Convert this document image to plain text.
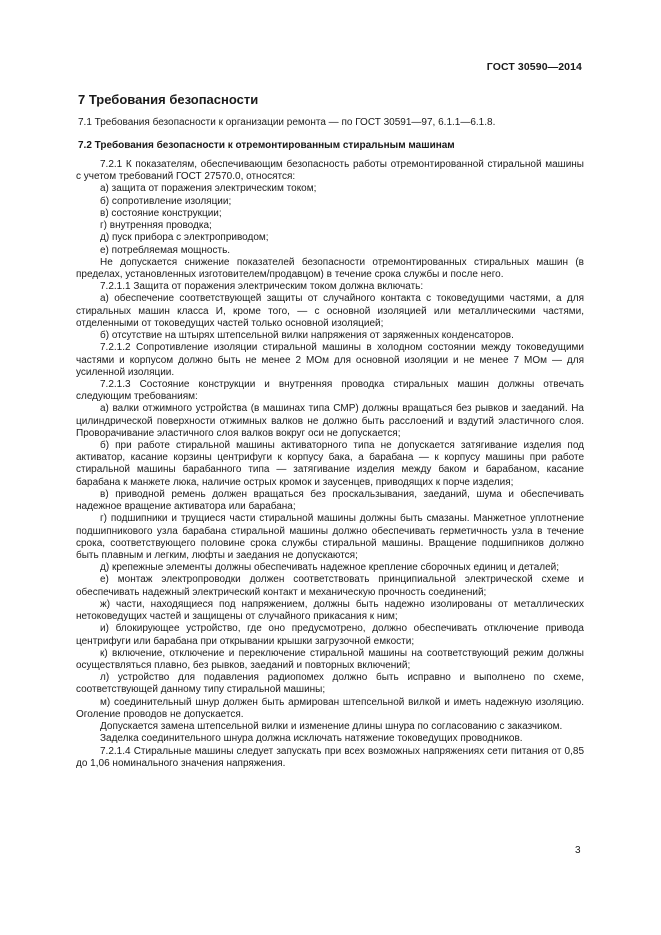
ГОСТ 30590—2014
7 Требования безопасности
7.1 Требования безопасности к организации ремонта — по ГОСТ 30591—97, 6.1.1—6.1.8.
7.2 Требования безопасности к отремонтированным стиральным машинам

7.2.1 К показателям, обеспечивающим безопасность работы отремонтированной стиральной машины с учетом требований ГОСТ 27570.0, относятся:

а) защита от поражения электрическим током;

б) сопротивление изоляции;

в) состояние конструкции;

г) внутренняя проводка;

д) пуск прибора с электроприводом;

е) потребляемая мощность.

Не допускается снижение показателей безопасности отремонтированных стиральных машин (в пределах, установленных изготовителем/продавцом) в течение срока службы и после него.

7.2.1.1 Защита от поражения электрическим током должна включать:

а) обеспечение соответствующей защиты от случайного контакта с токоведущими частями, а для стиральных машин класса И, кроме того, — с основной изоляцией или металлическими частями, отделенными от токоведущих частей только основной изоляцией;

б) отсутствие на штырях штепсельной вилки напряжения от заряженных конденсаторов.

7.2.1.2 Сопротивление изоляции стиральной машины в холодном состоянии между токоведущими частями и корпусом должно быть не менее 2 МОм для основной изоляции и не менее 7 МОм — для усиленной изоляции.

7.2.1.3 Состояние конструкции и внутренняя проводка стиральных машин должны отвечать следующим требованиям:

а) валки отжимного устройства (в машинах типа СМР) должны вращаться без рывков и заеданий. На цилиндрической поверхности отжимных валков не должно быть расслоений и вздутий эластичного слоя. Проворачивание эластичного слоя валков вокруг оси не допускается;

б) при работе стиральной машины активаторного типа не допускается затягивание изделия под активатор, касание корзины центрифуги к корпусу бака, а барабана — к корпусу машины при работе стиральной машины барабанного типа — затягивание изделия между баком и барабаном, касание барабана к манжете люка, наличие острых кромок и заусенцев, приводящих к порче изделия;

в) приводной ремень должен вращаться без проскальзывания, заеданий, шума и обеспечивать надежное вращение активатора или барабана;

г) подшипники и трущиеся части стиральной машины должны быть смазаны. Манжетное уплотнение подшипникового узла барабана стиральной машины должно обеспечивать герметичность узла в течение срока, соответствующего половине срока службы стиральной машины. Вращение подшипников должно быть плавным и легким, люфты и заедания не допускаются;

д) крепежные элементы должны обеспечивать надежное крепление сборочных единиц и деталей;

е) монтаж электропроводки должен соответствовать принципиальной электрической схеме и обеспечивать надежный электрический контакт и механическую прочность соединений;

ж) части, находящиеся под напряжением, должны быть надежно изолированы от металлических нетоковедущих частей и защищены от случайного прикасания к ним;

и) блокирующее устройство, где оно предусмотрено, должно обеспечивать отключение привода центрифуги или барабана при открывании крышки загрузочной емкости;

к) включение, отключение и переключение стиральной машины на соответствующий режим должны осуществляться плавно, без рывков, заеданий и повторных включений;

л) устройство для подавления радиопомех должно быть исправно и выполнено по схеме, соответствующей данному типу стиральной машины;

м) соединительный шнур должен быть армирован штепсельной вилкой и иметь надежную изоляцию. Оголение проводов не допускается.

Допускается замена штепсельной вилки и изменение длины шнура по согласованию с заказчиком.

Заделка соединительного шнура должна исключать натяжение токоведущих проводников.

7.2.1.4 Стиральные машины следует запускать при всех возможных напряжениях сети питания от 0,85 до 1,06 номинального значения напряжения.

3
